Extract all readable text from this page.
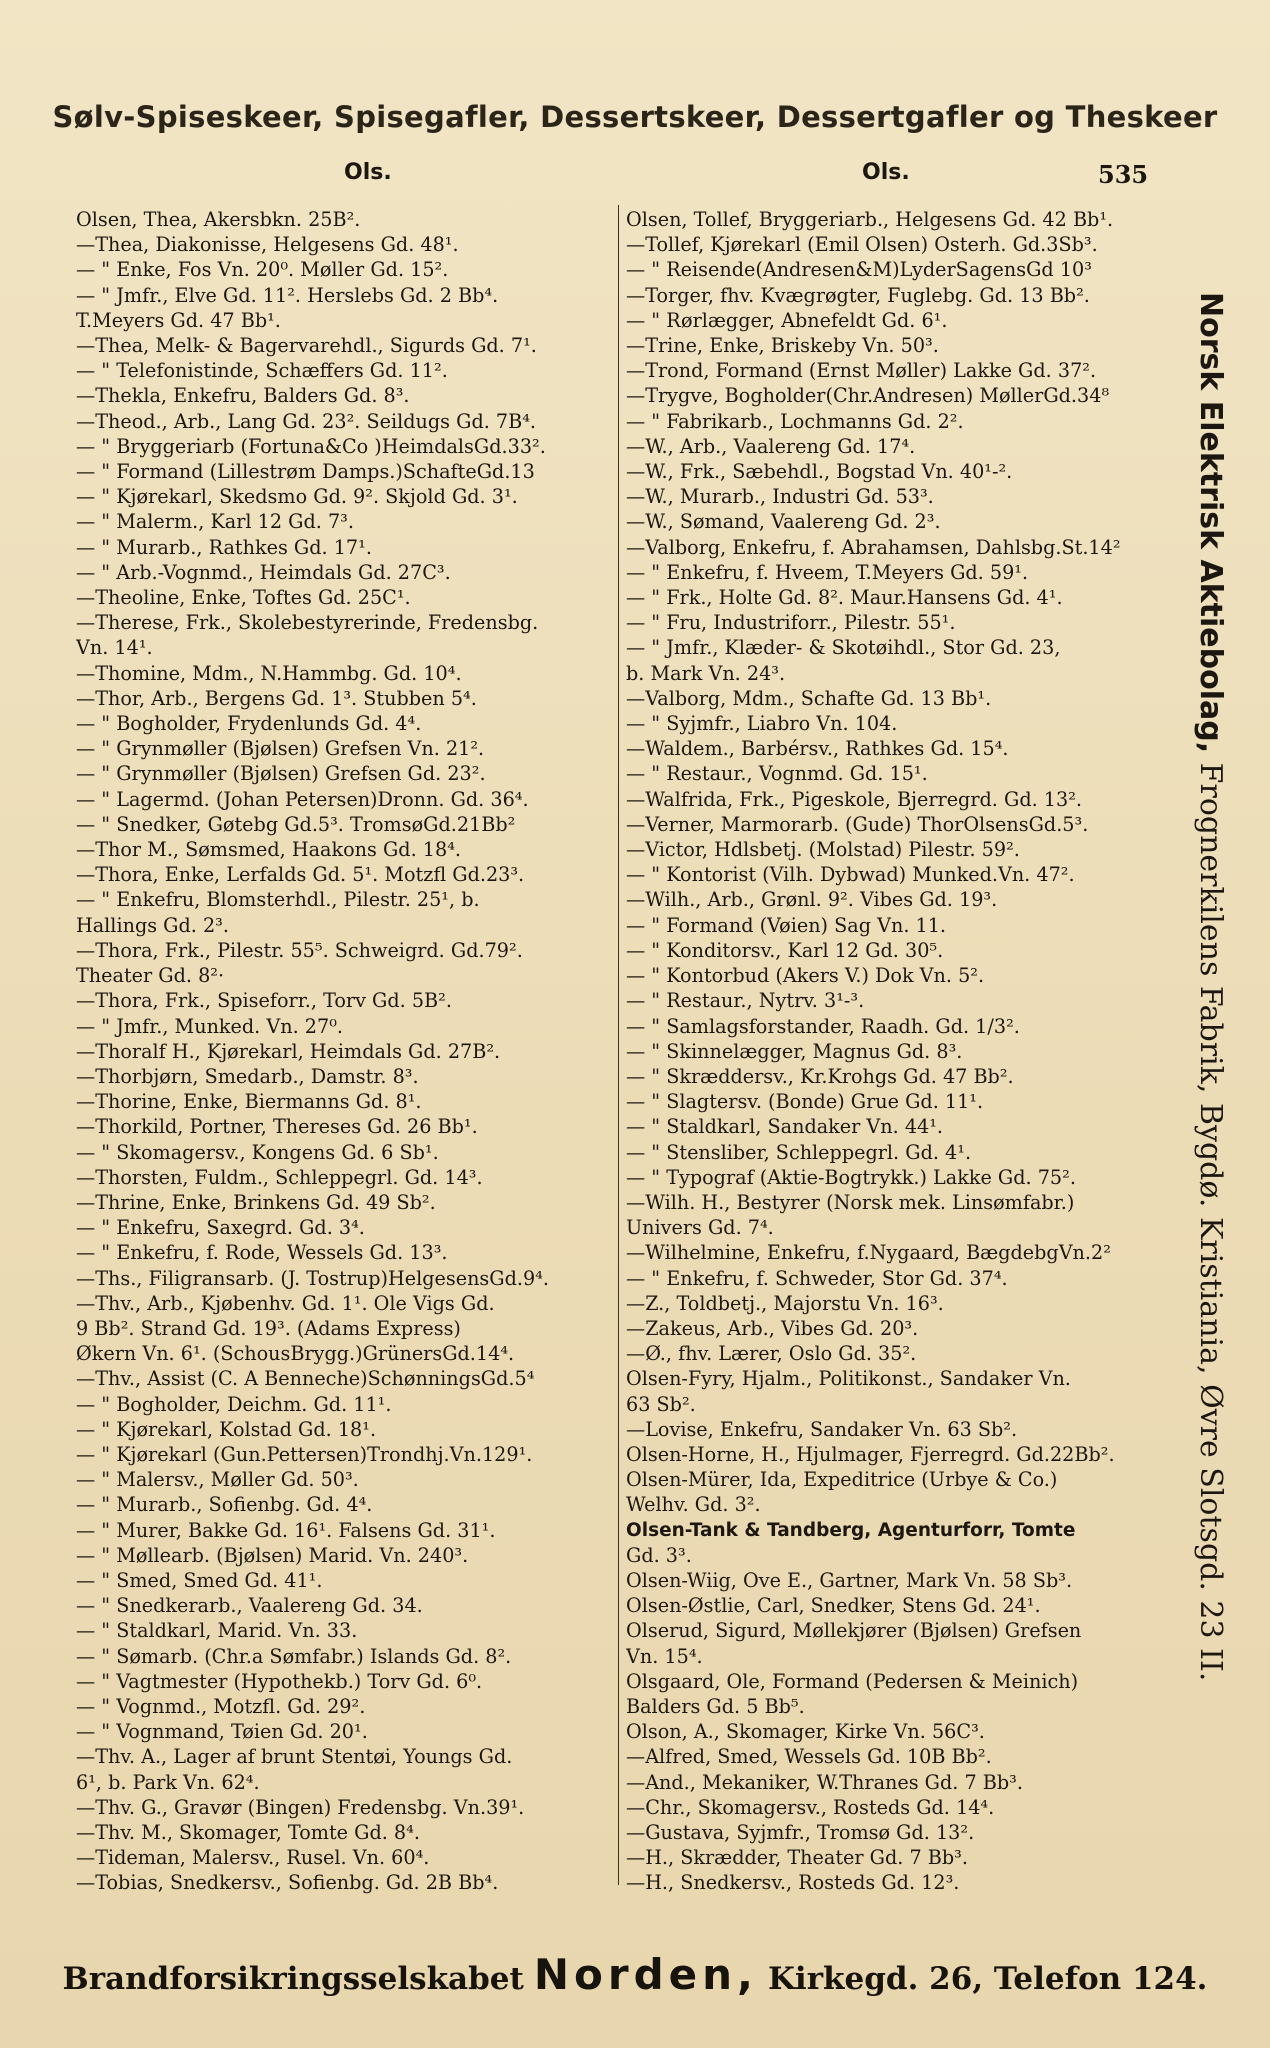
Sølv-Spiseskeer, Spisegafler, Dessertskeer, Dessertgafler og Theskeer
Ols.	Ols.	535
Olsen, Thea, Akersbkn. 25B².
—Thea, Diakonisse, Helgesens Gd. 48¹.
— " Enke, Fos Vn. 20⁰. Møller Gd. 15².
— " Jmfr., Elve Gd. 11². Herslebs Gd. 2 Bb⁴.
T.Meyers Gd. 47 Bb¹.
—Thea, Melk- & Bagervarehdl., Sigurds Gd. 7¹.
— " Telefonistinde, Schæffers Gd. 11².
—Thekla, Enkefru, Balders Gd. 8³.
—Theod., Arb., Lang Gd. 23². Seildugs Gd. 7B⁴.
— " Bryggeriarb (Fortuna&Co )HeimdalsGd.33².
— " Formand (Lillestrøm Damps.)SchafteGd.13
— " Kjørekarl, Skedsmo Gd. 9². Skjold Gd. 3¹.
— " Malerm., Karl 12 Gd. 7³.
— " Murarb., Rathkes Gd. 17¹.
— " Arb.-Vognmd., Heimdals Gd. 27C³.
—Theoline, Enke, Toftes Gd. 25C¹.
—Therese, Frk., Skolebestyrerinde, Fredensbg.
Vn. 14¹.
—Thomine, Mdm., N.Hammbg. Gd. 10⁴.
—Thor, Arb., Bergens Gd. 1³. Stubben 5⁴.
— " Bogholder, Frydenlunds Gd. 4⁴.
— " Grynmøller (Bjølsen) Grefsen Vn. 21².
— " Grynmøller (Bjølsen) Grefsen Gd. 23².
— " Lagermd. (Johan Petersen)Dronn. Gd. 36⁴.
— " Snedker, Gøtebg Gd.5³. TromsøGd.21Bb²
—Thor M., Sømsmed, Haakons Gd. 18⁴.
—Thora, Enke, Lerfalds Gd. 5¹. Motzfl Gd.23³.
— " Enkefru, Blomsterhdl., Pilestr. 25¹, b.
Hallings Gd. 2³.
—Thora, Frk., Pilestr. 55⁵. Schweigrd. Gd.79².
Theater Gd. 8²·
—Thora, Frk., Spiseforr., Torv Gd. 5B².
— " Jmfr., Munked. Vn. 27⁰.
—Thoralf H., Kjørekarl, Heimdals Gd. 27B².
—Thorbjørn, Smedarb., Damstr. 8³.
—Thorine, Enke, Biermanns Gd. 8¹.
—Thorkild, Portner, Thereses Gd. 26 Bb¹.
— " Skomagersv., Kongens Gd. 6 Sb¹.
—Thorsten, Fuldm., Schleppegrl. Gd. 14³.
—Thrine, Enke, Brinkens Gd. 49 Sb².
— " Enkefru, Saxegrd. Gd. 3⁴.
— " Enkefru, f. Rode, Wessels Gd. 13³.
—Ths., Filigransarb. (J. Tostrup)HelgesensGd.9⁴.
—Thv., Arb., Kjøbenhv. Gd. 1¹. Ole Vigs Gd.
9 Bb². Strand Gd. 19³. (Adams Express)
Økern Vn. 6¹. (SchousBrygg.)GrünersGd.14⁴.
—Thv., Assist (C. A Benneche)SchønningsGd.5⁴
— " Bogholder, Deichm. Gd. 11¹.
— " Kjørekarl, Kolstad Gd. 18¹.
— " Kjørekarl (Gun.Pettersen)Trondhj.Vn.129¹.
— " Malersv., Møller Gd. 50³.
— " Murarb., Sofienbg. Gd. 4⁴.
— " Murer, Bakke Gd. 16¹. Falsens Gd. 31¹.
— " Møllearb. (Bjølsen) Marid. Vn. 240³.
— " Smed, Smed Gd. 41¹.
— " Snedkerarb., Vaalereng Gd. 34.
— " Staldkarl, Marid. Vn. 33.
— " Sømarb. (Chr.a Sømfabr.) Islands Gd. 8².
— " Vagtmester (Hypothekb.) Torv Gd. 6⁰.
— " Vognmd., Motzfl. Gd. 29².
— " Vognmand, Tøien Gd. 20¹.
—Thv. A., Lager af brunt Stentøi, Youngs Gd.
6¹, b. Park Vn. 62⁴.
—Thv. G., Gravør (Bingen) Fredensbg. Vn.39¹.
—Thv. M., Skomager, Tomte Gd. 8⁴.
—Tideman, Malersv., Rusel. Vn. 60⁴.
—Tobias, Snedkersv., Sofienbg. Gd. 2B Bb⁴.
Olsen, Tollef, Bryggeriarb., Helgesens Gd. 42 Bb¹.
—Tollef, Kjørekarl (Emil Olsen) Osterh. Gd.3Sb³.
— " Reisende(Andresen&M)LyderSagensGd 10³
—Torger, fhv. Kvægrøgter, Fuglebg. Gd. 13 Bb².
— " Rørlægger, Abnefeldt Gd. 6¹.
—Trine, Enke, Briskeby Vn. 50³.
—Trond, Formand (Ernst Møller) Lakke Gd. 37².
—Trygve, Bogholder(Chr.Andresen) MøllerGd.34⁸
— " Fabrikarb., Lochmanns Gd. 2².
—W., Arb., Vaalereng Gd. 17⁴.
—W., Frk., Sæbehdl., Bogstad Vn. 40¹-².
—W., Murarb., Industri Gd. 53³.
—W., Sømand, Vaalereng Gd. 2³.
—Valborg, Enkefru, f. Abrahamsen, Dahlsbg.St.14²
— " Enkefru, f. Hveem, T.Meyers Gd. 59¹.
— " Frk., Holte Gd. 8². Maur.Hansens Gd. 4¹.
— " Fru, Industriforr., Pilestr. 55¹.
— " Jmfr., Klæder- & Skotøihdl., Stor Gd. 23,
b. Mark Vn. 24³.
—Valborg, Mdm., Schafte Gd. 13 Bb¹.
— " Syjmfr., Liabro Vn. 104.
—Waldem., Barbérsv., Rathkes Gd. 15⁴.
— " Restaur., Vognmd. Gd. 15¹.
—Walfrida, Frk., Pigeskole, Bjerregrd. Gd. 13².
—Verner, Marmorarb. (Gude) ThorOlsensGd.5³.
—Victor, Hdlsbetj. (Molstad) Pilestr. 59².
— " Kontorist (Vilh. Dybwad) Munked.Vn. 47².
—Wilh., Arb., Grønl. 9². Vibes Gd. 19³.
— " Formand (Vøien) Sag Vn. 11.
— " Konditorsv., Karl 12 Gd. 30⁵.
— " Kontorbud (Akers V.) Dok Vn. 5².
— " Restaur., Nytrv. 3¹-³.
— " Samlagsforstander, Raadh. Gd. 1/3².
— " Skinnelægger, Magnus Gd. 8³.
— " Skræddersv., Kr.Krohgs Gd. 47 Bb².
— " Slagtersv. (Bonde) Grue Gd. 11¹.
— " Staldkarl, Sandaker Vn. 44¹.
— " Stensliber, Schleppegrl. Gd. 4¹.
— " Typograf (Aktie-Bogtrykk.) Lakke Gd. 75².
—Wilh. H., Bestyrer (Norsk mek. Linsømfabr.)
Univers Gd. 7⁴.
—Wilhelmine, Enkefru, f.Nygaard, BægdebgVn.2²
— " Enkefru, f. Schweder, Stor Gd. 37⁴.
—Z., Toldbetj., Majorstu Vn. 16³.
—Zakeus, Arb., Vibes Gd. 20³.
—Ø., fhv. Lærer, Oslo Gd. 35².
Olsen-Fyry, Hjalm., Politikonst., Sandaker Vn.
63 Sb².
—Lovise, Enkefru, Sandaker Vn. 63 Sb².
Olsen-Horne, H., Hjulmager, Fjerregrd. Gd.22Bb².
Olsen-Mürer, Ida, Expeditrice (Urbye & Co.)
Welhv. Gd. 3².
Olsen-Tank & Tandberg, Agenturforr, Tomte
Gd. 3³.
Olsen-Wiig, Ove E., Gartner, Mark Vn. 58 Sb³.
Olsen-Østlie, Carl, Snedker, Stens Gd. 24¹.
Olserud, Sigurd, Møllekjører (Bjølsen) Grefsen
Vn. 15⁴.
Olsgaard, Ole, Formand (Pedersen & Meinich)
Balders Gd. 5 Bb⁵.
Olson, A., Skomager, Kirke Vn. 56C³.
—Alfred, Smed, Wessels Gd. 10B Bb².
—And., Mekaniker, W.Thranes Gd. 7 Bb³.
—Chr., Skomagersv., Rosteds Gd. 14⁴.
—Gustava, Syjmfr., Tromsø Gd. 13².
—H., Skrædder, Theater Gd. 7 Bb³.
—H., Snedkersv., Rosteds Gd. 12³.
Norsk Elektrisk Aktiebolag, Frognerkilens Fabrik, Bygdø. Kristiania, Øvre Slotsgd. 23 II.
Brandforsikringsselskabet Norden, Kirkegd. 26, Telefon 124.
